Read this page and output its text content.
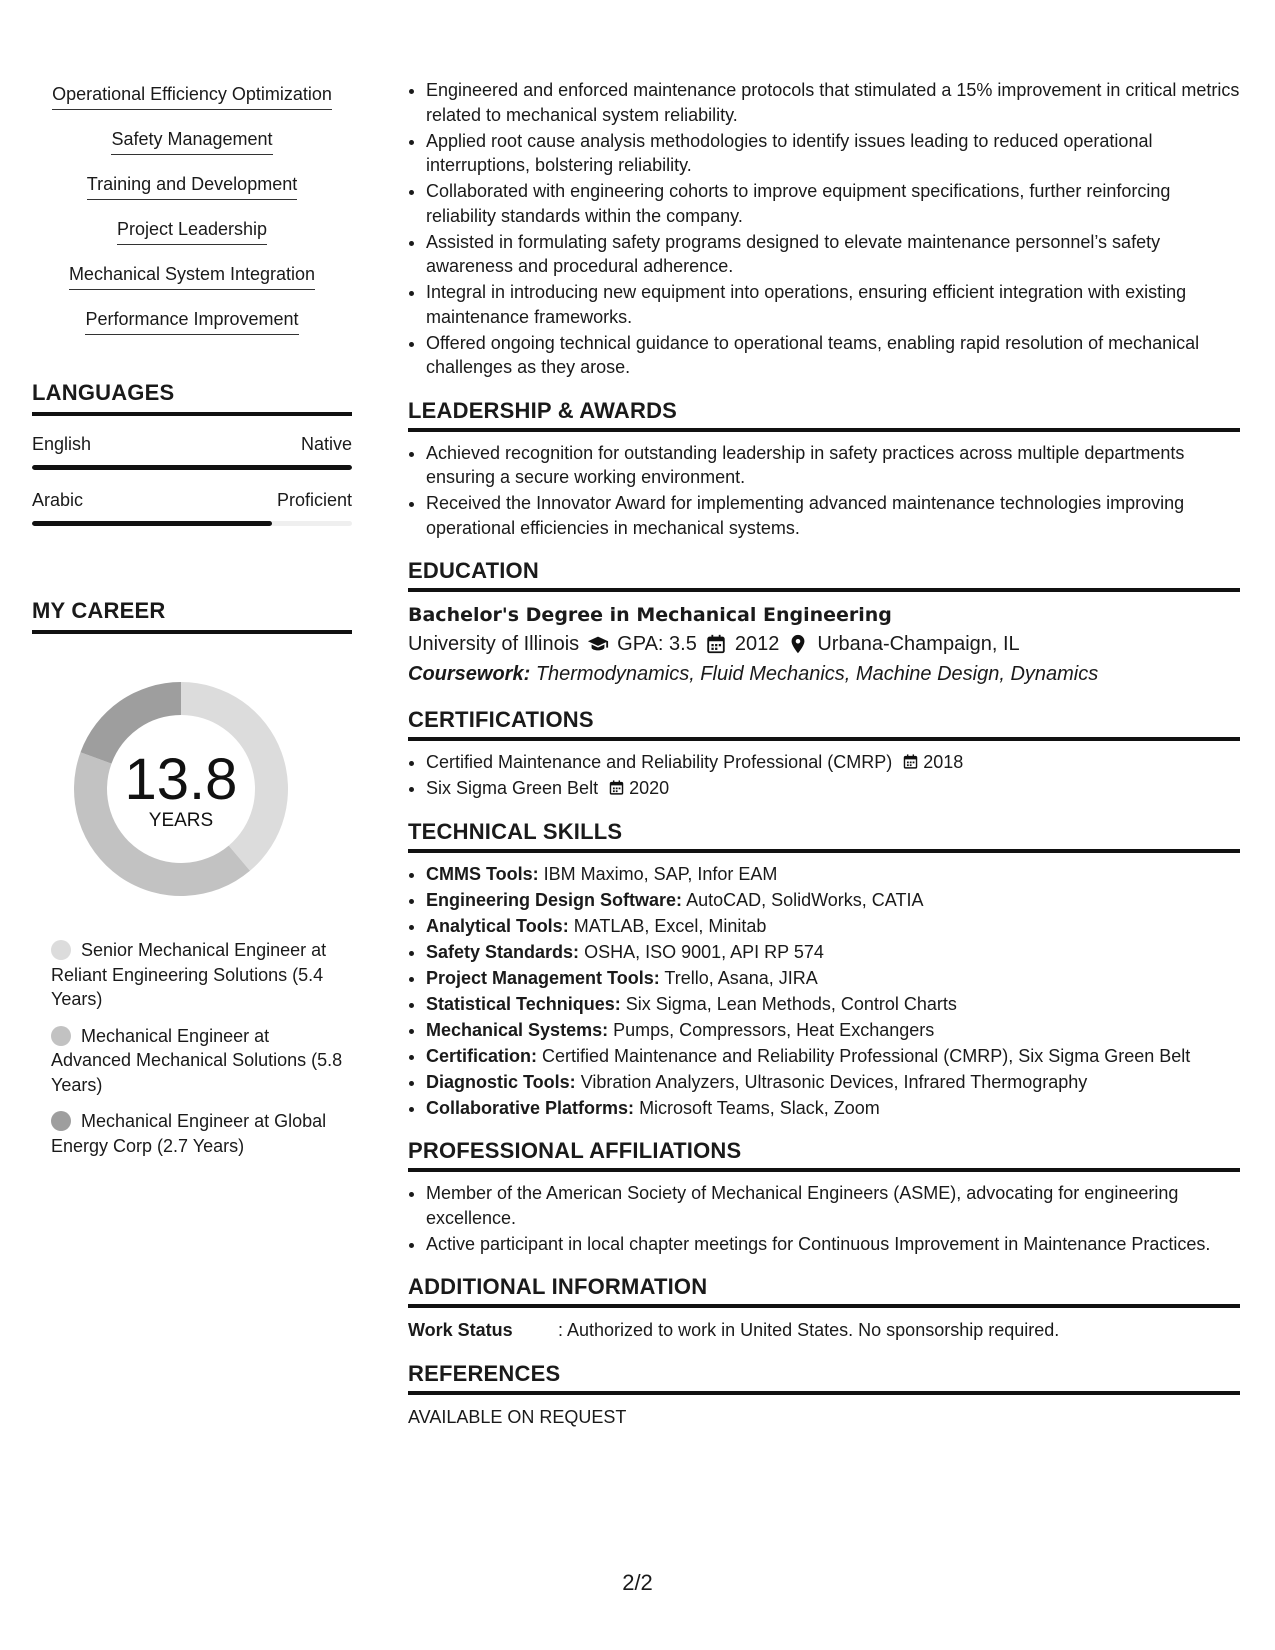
Operational Efficiency Optimization
Safety Management
Training and Development
Project Leadership
Mechanical System Integration
Performance Improvement
LANGUAGES
English	Native
Arabic	Proficient
MY CAREER
13.8
YEARS
Senior Mechanical Engineer at Reliant Engineering Solutions (5.4 Years)
Mechanical Engineer at Advanced Mechanical Solutions (5.8 Years)
Mechanical Engineer at Global Energy Corp (2.7 Years)
• Engineered and enforced maintenance protocols that stimulated a 15% improvement in critical metrics related to mechanical system reliability.
• Applied root cause analysis methodologies to identify issues leading to reduced operational interruptions, bolstering reliability.
• Collaborated with engineering cohorts to improve equipment specifications, further reinforcing reliability standards within the company.
• Assisted in formulating safety programs designed to elevate maintenance personnel’s safety awareness and procedural adherence.
• Integral in introducing new equipment into operations, ensuring efficient integration with existing maintenance frameworks.
• Offered ongoing technical guidance to operational teams, enabling rapid resolution of mechanical challenges as they arose.
LEADERSHIP & AWARDS
• Achieved recognition for outstanding leadership in safety practices across multiple departments ensuring a secure working environment.
• Received the Innovator Award for implementing advanced maintenance technologies improving operational efficiencies in mechanical systems.
EDUCATION
Bachelor's Degree in Mechanical Engineering
University of Illinois GPA: 3.5 2012 Urbana-Champaign, IL
Coursework: Thermodynamics, Fluid Mechanics, Machine Design, Dynamics
CERTIFICATIONS
• Certified Maintenance and Reliability Professional (CMRP) 2018
• Six Sigma Green Belt 2020
TECHNICAL SKILLS
• CMMS Tools: IBM Maximo, SAP, Infor EAM
• Engineering Design Software: AutoCAD, SolidWorks, CATIA
• Analytical Tools: MATLAB, Excel, Minitab
• Safety Standards: OSHA, ISO 9001, API RP 574
• Project Management Tools: Trello, Asana, JIRA
• Statistical Techniques: Six Sigma, Lean Methods, Control Charts
• Mechanical Systems: Pumps, Compressors, Heat Exchangers
• Certification: Certified Maintenance and Reliability Professional (CMRP), Six Sigma Green Belt
• Diagnostic Tools: Vibration Analyzers, Ultrasonic Devices, Infrared Thermography
• Collaborative Platforms: Microsoft Teams, Slack, Zoom
PROFESSIONAL AFFILIATIONS
• Member of the American Society of Mechanical Engineers (ASME), advocating for engineering excellence.
• Active participant in local chapter meetings for Continuous Improvement in Maintenance Practices.
ADDITIONAL INFORMATION
Work Status	: Authorized to work in United States. No sponsorship required.
REFERENCES
AVAILABLE ON REQUEST
2/2
